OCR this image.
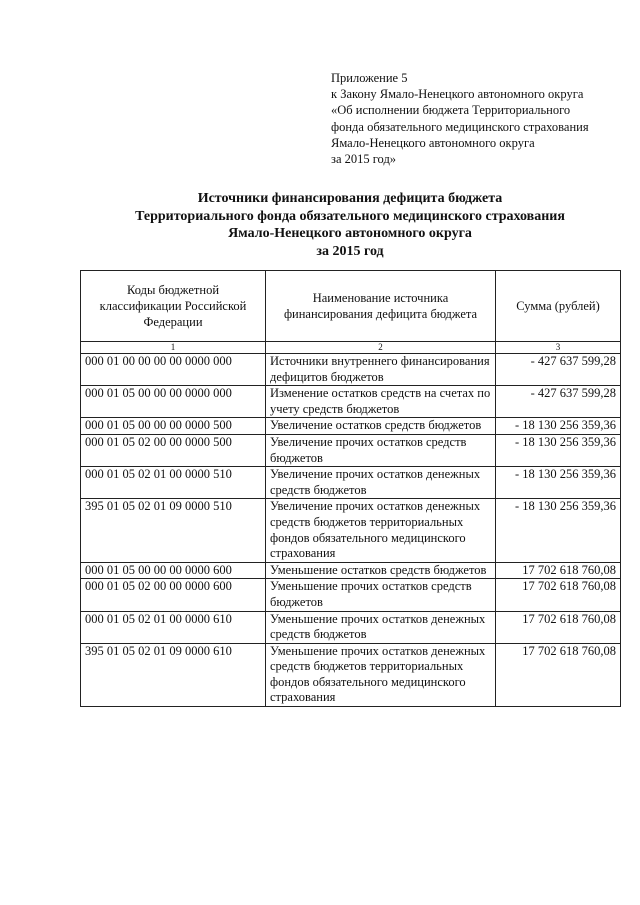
Приложение 5
к Закону Ямало-Ненецкого автономного округа
«Об исполнении бюджета Территориального
фонда обязательного медицинского страхования
Ямало-Ненецкого автономного округа
за 2015 год»
Источники финансирования дефицита бюджета
Территориального фонда обязательного медицинского страхования
Ямало-Ненецкого автономного округа
за 2015 год
Коды бюджетной классификации Российской Федерации	Наименование источника финансирования дефицита бюджета	Сумма (рублей)
1	2	3
000 01 00 00 00 00 0000 000	Источники внутреннего финансирования дефицитов бюджетов	- 427 637 599,28
000 01 05 00 00 00 0000 000	Изменение остатков средств на счетах по учету средств бюджетов	- 427 637 599,28
000 01 05 00 00 00 0000 500	Увеличение остатков средств бюджетов	- 18 130 256 359,36
000 01 05 02 00 00 0000 500	Увеличение прочих остатков средств бюджетов	- 18 130 256 359,36
000 01 05 02 01 00 0000 510	Увеличение прочих остатков денежных средств бюджетов	- 18 130 256 359,36
395 01 05 02 01 09 0000 510	Увеличение прочих остатков денежных средств бюджетов территориальных фондов обязательного медицинского страхования	- 18 130 256 359,36
000 01 05 00 00 00 0000 600	Уменьшение остатков средств бюджетов	17 702 618 760,08
000 01 05 02 00 00 0000 600	Уменьшение прочих остатков средств бюджетов	17 702 618 760,08
000 01 05 02 01 00 0000 610	Уменьшение прочих остатков денежных средств бюджетов	17 702 618 760,08
395 01 05 02 01 09 0000 610	Уменьшение прочих остатков денежных средств бюджетов территориальных фондов обязательного медицинского страхования	17 702 618 760,08
